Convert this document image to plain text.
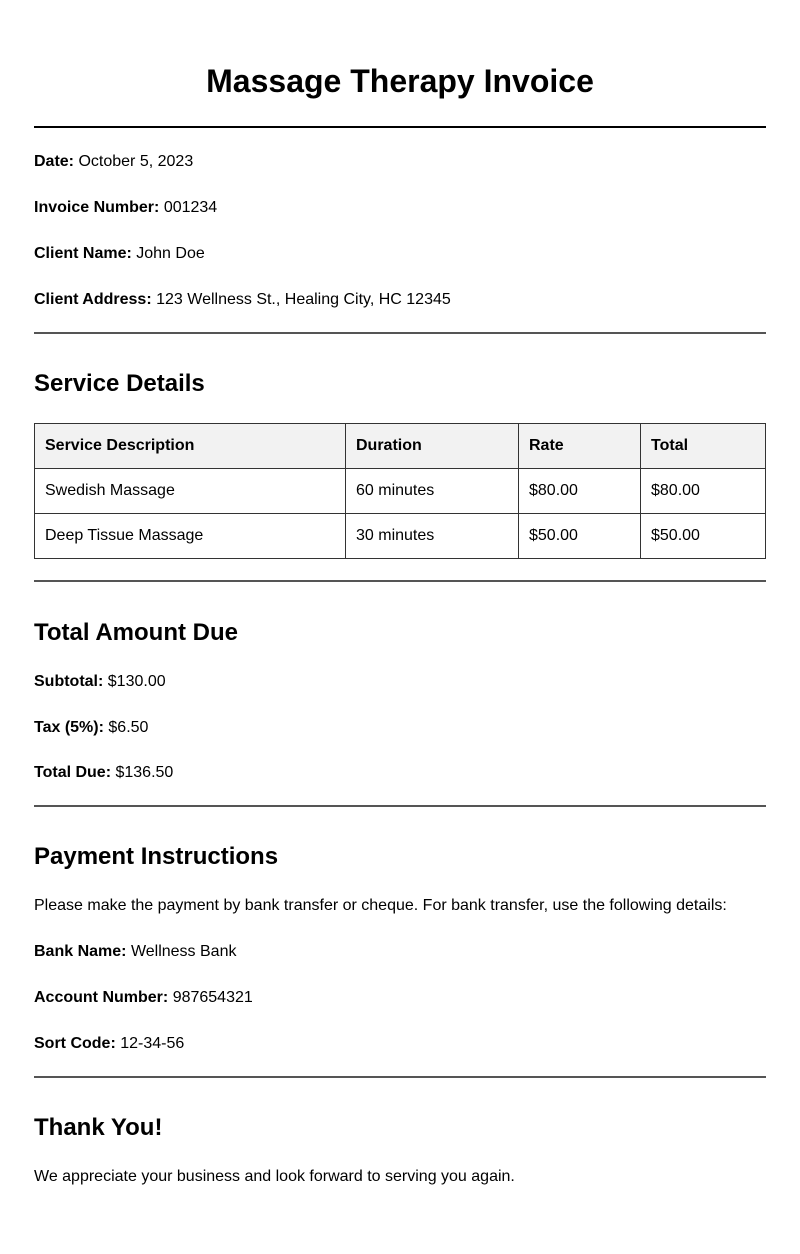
Massage Therapy Invoice

Date: October 5, 2023

Invoice Number: 001234

Client Name: John Doe

Client Address: 123 Wellness St., Healing City, HC 12345

Service Details
Service Description	Duration	Rate	Total
Swedish Massage	60 minutes	$80.00	$80.00
Deep Tissue Massage	30 minutes	$50.00	$50.00
Total Amount Due

Subtotal: $130.00

Tax (5%): $6.50

Total Due: $136.50

Payment Instructions

Please make the payment by bank transfer or cheque. For bank transfer, use the following details:

Bank Name: Wellness Bank

Account Number: 987654321

Sort Code: 12-34-56

Thank You!

We appreciate your business and look forward to serving you again.
